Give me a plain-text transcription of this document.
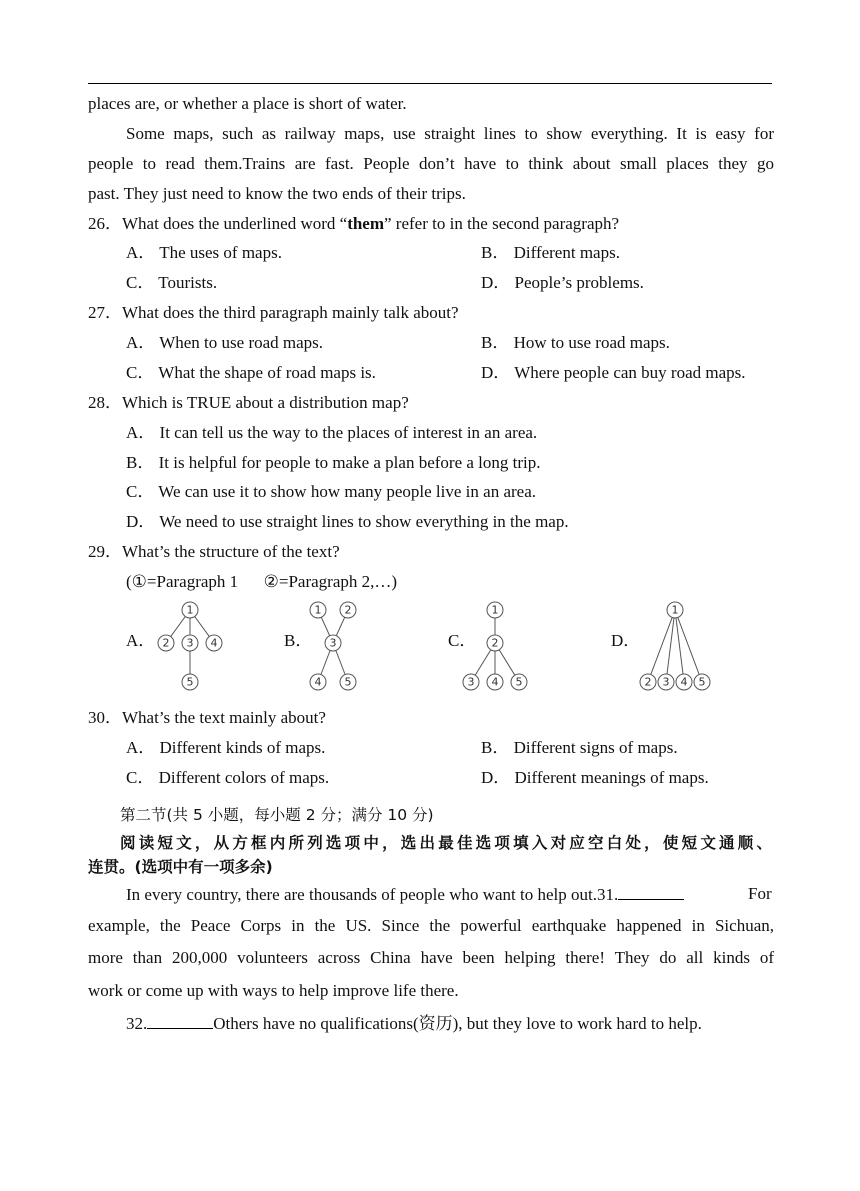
places are, or whether a place is short of water.
Some maps, such as railway maps, use straight lines to show everything. It is easy for
people to read them.Trains are fast. People don’t have to think about small places they go
past. They just need to know the two ends of their trips.
26．What does the underlined word “them” refer to in the second paragraph?
A． The uses of maps.	B． Different maps.
C． Tourists.	D． People’s problems.
27．What does the third paragraph mainly talk about?
A． When to use road maps.	B． How to use road maps.
C． What the shape of road maps is.	D． Where people can buy road maps.
28．Which is TRUE about a distribution map?
A． It can tell us the way to the places of interest in an area.
B． It is helpful for people to make a plan before a long trip.
C． We can use it to show how many people live in an area.
D． We need to use straight lines to show everything in the map.
29．What’s the structure of the text?
(①=Paragraph 1      ②=Paragraph 2,…)
A．
1
2 3 4
5
B．
1 2
3
4 5
C．
1
2
3 4 5
D．
1
2 3 4 5
30．What’s the text mainly about?
A． Different kinds of maps.	B． Different signs of maps.
C． Different colors of maps.	D． Different meanings of maps.
第二节(共 5 小题，每小题 2 分；满分 10 分)
阅读短文，从方框内所列选项中，选出最佳选项填入对应空白处，使短文通顺、
连贯。(选项中有一项多余)
In every country, there are thousands of people who want to help out.31.	For
example, the Peace Corps in the US. Since the powerful earthquake happened in Sichuan,
more than 200,000 volunteers across China have been helping there! They do all kinds of
work or come up with ways to help improve life there.
32.	Others have no qualifications(资历), but they love to work hard to help.
